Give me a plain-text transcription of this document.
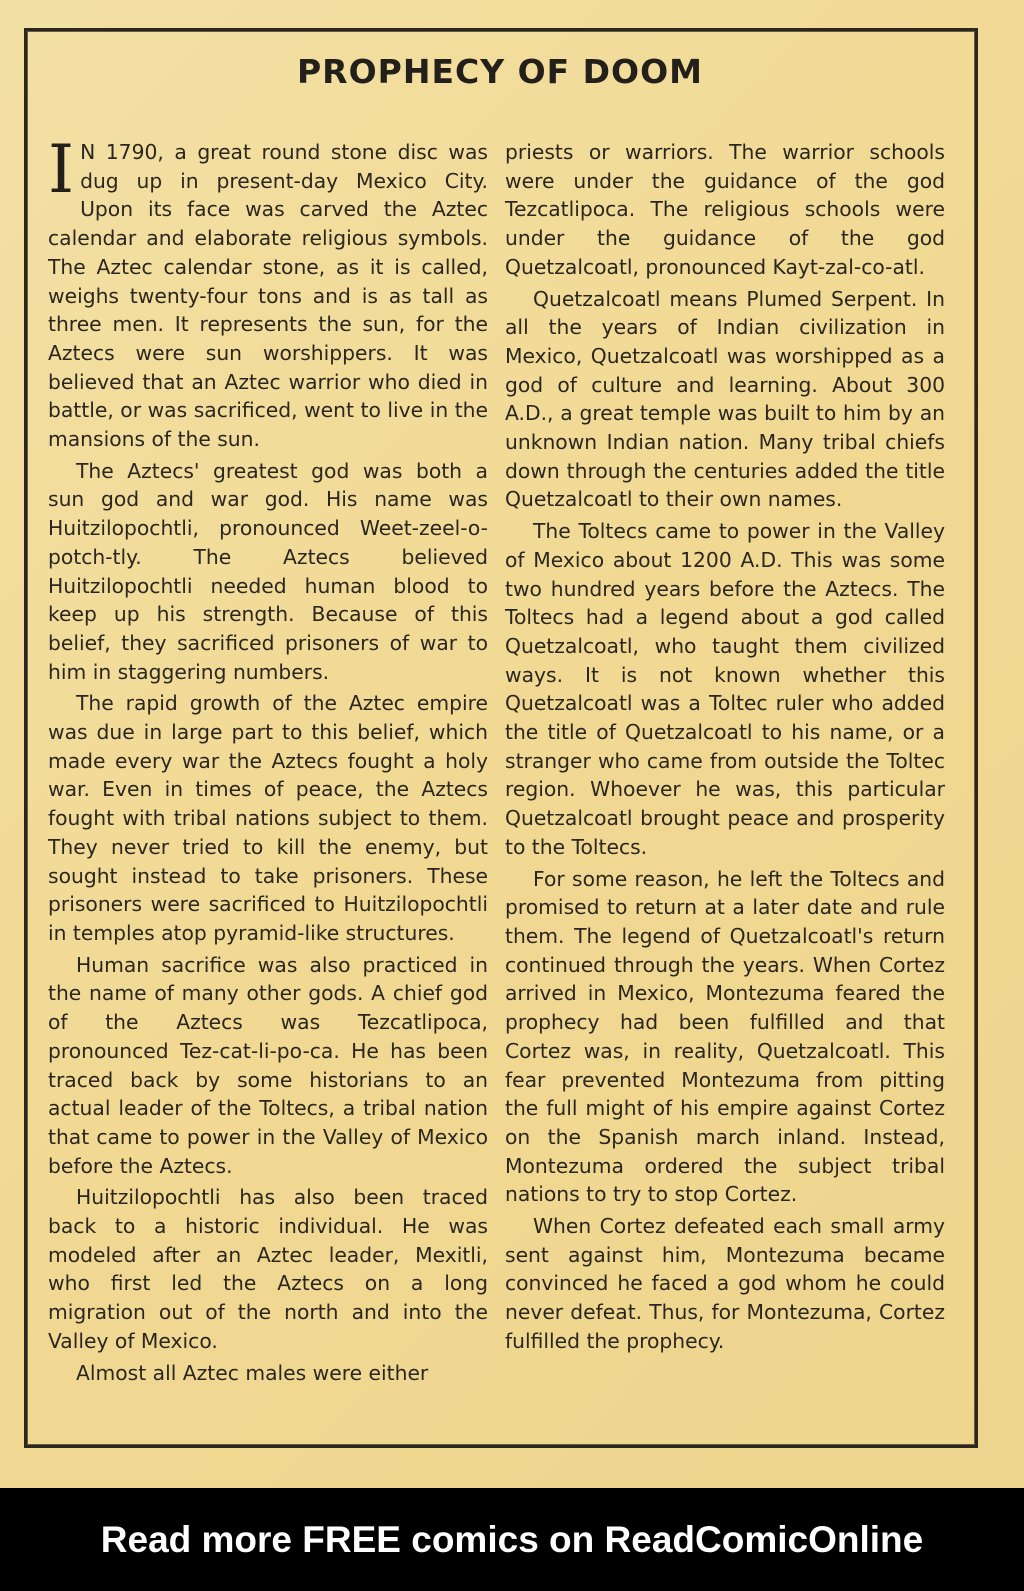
PROPHECY OF DOOM

I N 1790, a great round stone disc was dug up in present-day Mexico City. Upon its face was carved the Aztec calendar and elaborate religious symbols. The Aztec calendar stone, as it is called, weighs twenty-four tons and is as tall as three men. It represents the sun, for the Aztecs were sun worshippers. It was believed that an Aztec warrior who died in battle, or was sacrificed, went to live in the mansions of the sun.

The Aztecs' greatest god was both a sun god and war god. His name was Huitzilopochtli, pronounced Weet-zeel-o-potch-tly. The Aztecs believed Huitzilopochtli needed human blood to keep up his strength. Because of this belief, they sacrificed prisoners of war to him in staggering numbers.

The rapid growth of the Aztec empire was due in large part to this belief, which made every war the Aztecs fought a holy war. Even in times of peace, the Aztecs fought with tribal nations subject to them. They never tried to kill the enemy, but sought instead to take prisoners. These prisoners were sacrificed to Huitzilopochtli in temples atop pyramid-like structures.

Human sacrifice was also practiced in the name of many other gods. A chief god of the Aztecs was Tezcatlipoca, pronounced Tez-cat-li-po-ca. He has been traced back by some historians to an actual leader of the Toltecs, a tribal nation that came to power in the Valley of Mexico before the Aztecs.

Huitzilopochtli has also been traced back to a historic individual. He was modeled after an Aztec leader, Mexitli, who first led the Aztecs on a long migration out of the north and into the Valley of Mexico.

Almost all Aztec males were either

priests or warriors. The warrior schools were under the guidance of the god Tezcatlipoca. The religious schools were under the guidance of the god Quetzalcoatl, pronounced Kayt-zal-co-atl.

Quetzalcoatl means Plumed Serpent. In all the years of Indian civilization in Mexico, Quetzalcoatl was worshipped as a god of culture and learning. About 300 A.D., a great temple was built to him by an unknown Indian nation. Many tribal chiefs down through the centuries added the title Quetzalcoatl to their own names.

The Toltecs came to power in the Valley of Mexico about 1200 A.D. This was some two hundred years before the Aztecs. The Toltecs had a legend about a god called Quetzalcoatl, who taught them civilized ways. It is not known whether this Quetzalcoatl was a Toltec ruler who added the title of Quetzalcoatl to his name, or a stranger who came from outside the Toltec region. Whoever he was, this particular Quetzalcoatl brought peace and prosperity to the Toltecs.

For some reason, he left the Toltecs and promised to return at a later date and rule them. The legend of Quetzalcoatl's return continued through the years. When Cortez arrived in Mexico, Montezuma feared the prophecy had been fulfilled and that Cortez was, in reality, Quetzalcoatl. This fear prevented Montezuma from pitting the full might of his empire against Cortez on the Spanish march inland. Instead, Montezuma ordered the subject tribal nations to try to stop Cortez.

When Cortez defeated each small army sent against him, Montezuma became convinced he faced a god whom he could never defeat. Thus, for Montezuma, Cortez fulfilled the prophecy.

Read more FREE comics on ReadComicOnline
